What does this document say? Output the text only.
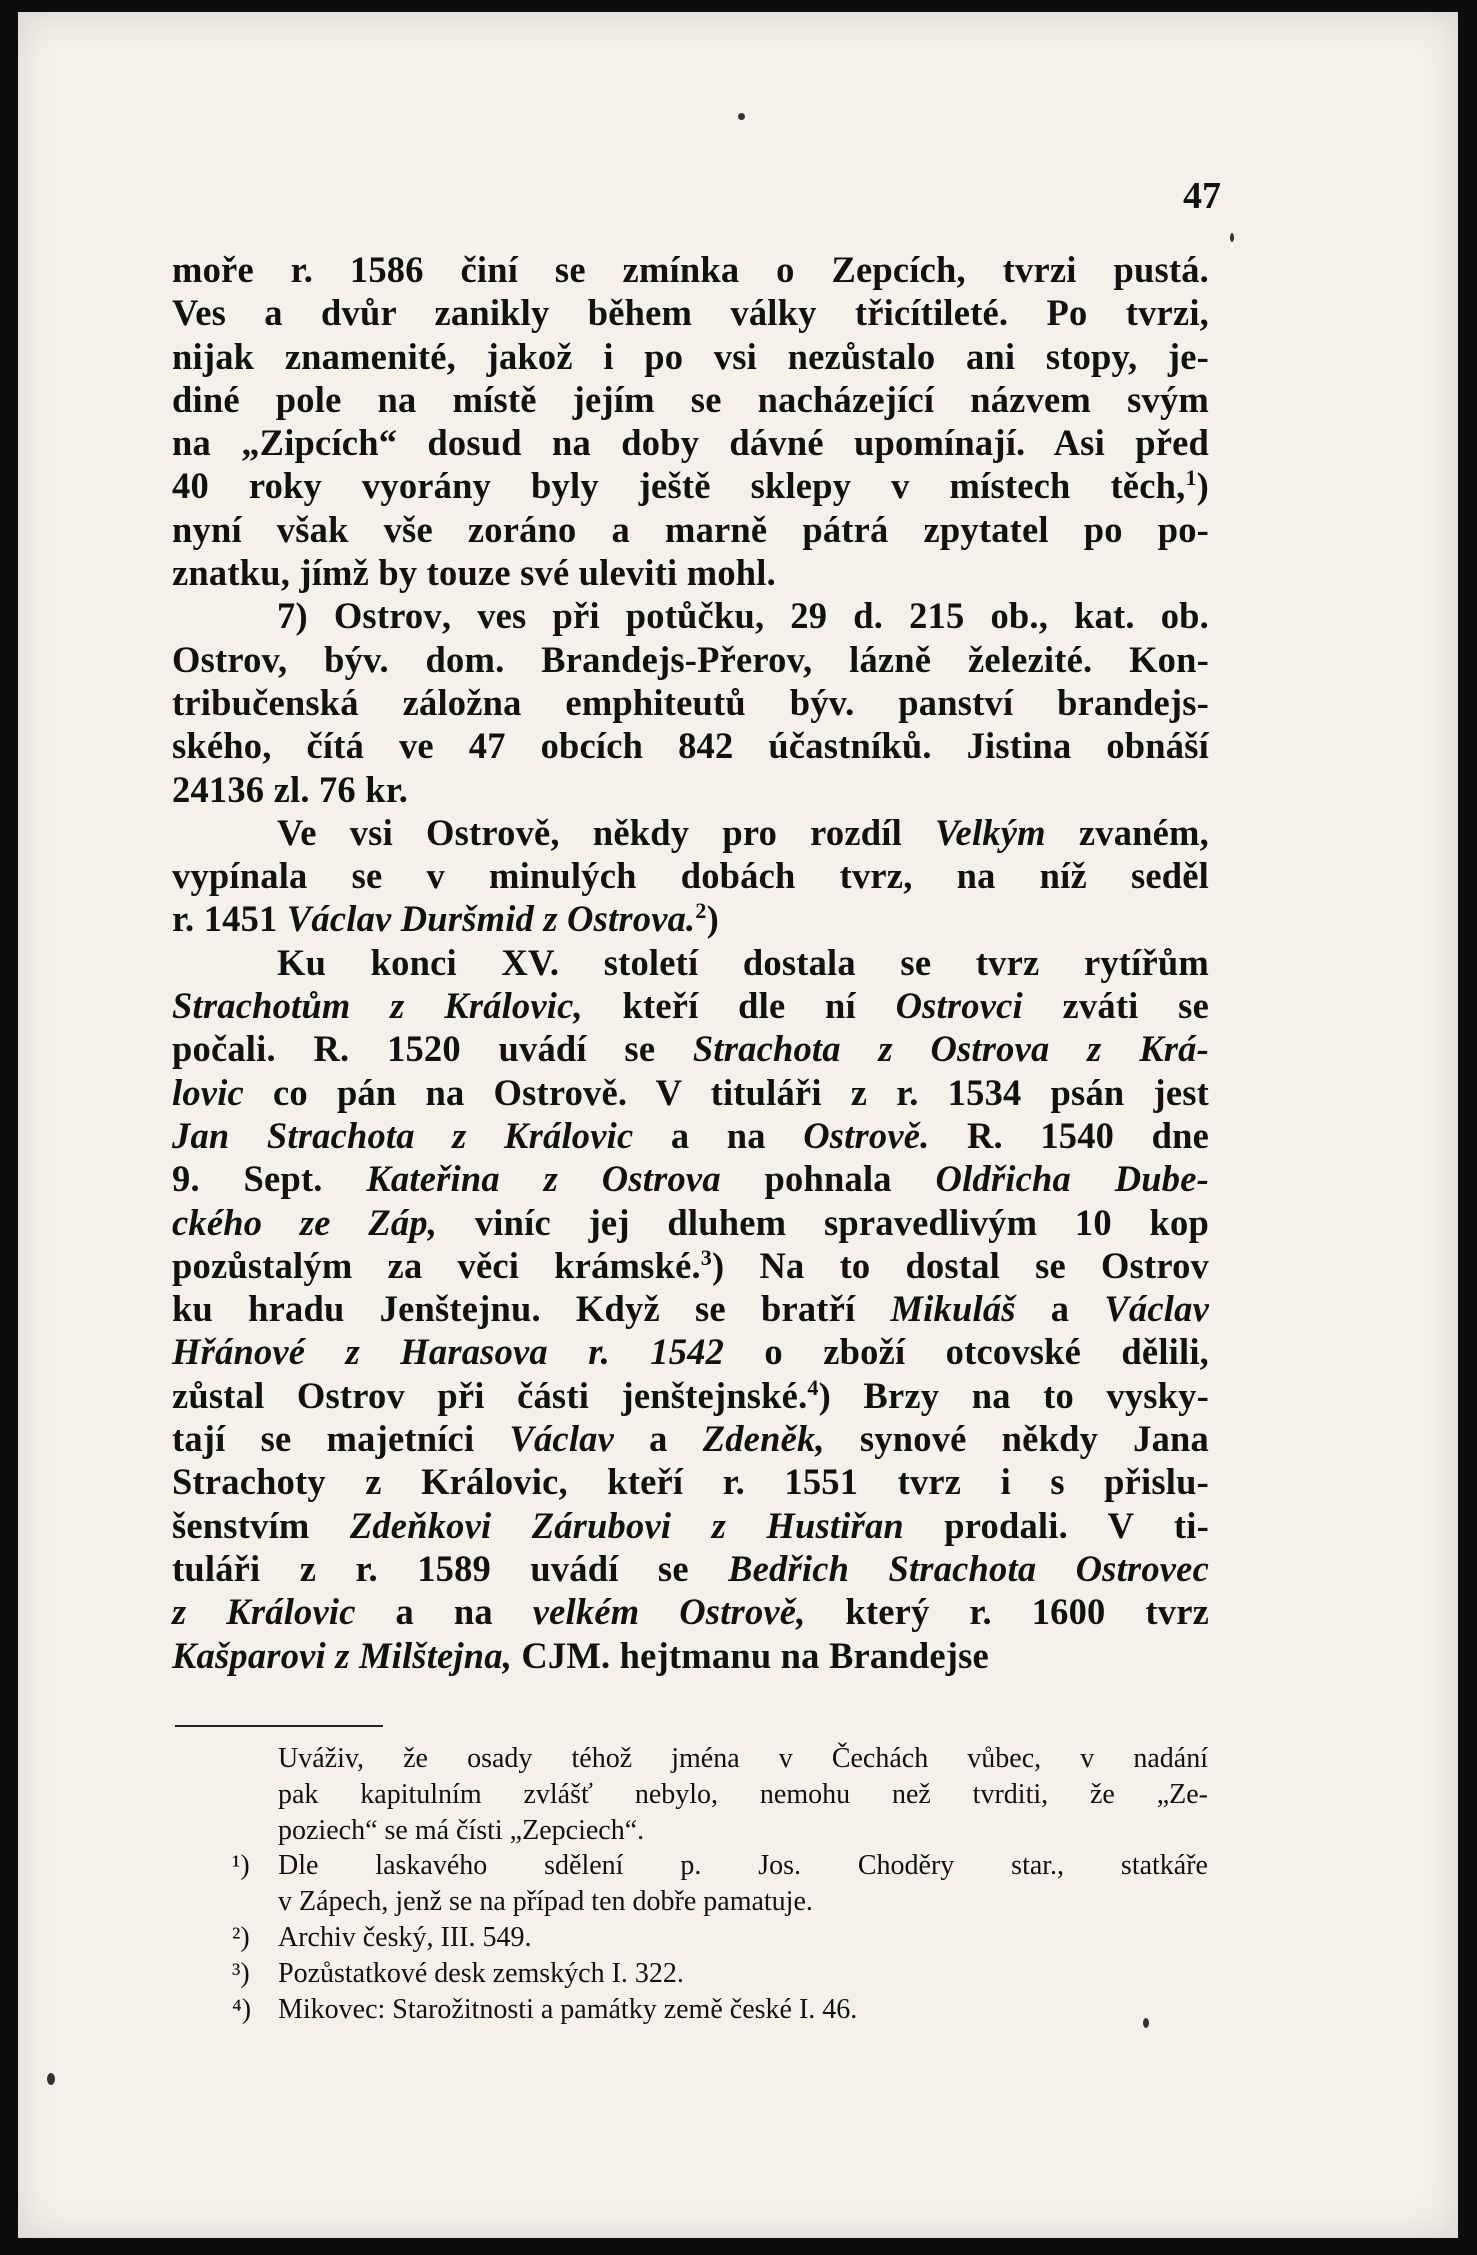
47
moře r. 1586 činí se zmínka o Zepcích, tvrzi pustá.
Ves a dvůr zanikly během války třicítileté. Po tvrzi,
nijak znamenité, jakož i po vsi nezůstalo ani stopy, je-
diné pole na místě jejím se nacházející názvem svým
na „Zipcích“ dosud na doby dávné upomínají. Asi před
40 roky vyorány byly ještě sklepy v místech těch,$^1$)
nyní však vše zoráno a marně pátrá zpytatel po po-
znatku, jímž by touze své uleviti mohl.
7) Ostrov, ves při potůčku, 29 d. 215 ob., kat. ob.
Ostrov, býv. dom. Brandejs-Přerov, lázně železité. Kon-
tribučenská záložna emphiteutů býv. panství brandejs-
ského, čítá ve 47 obcích 842 účastníků. Jistina obnáší
24136 zl. 76 kr.
Ve vsi Ostrově, někdy pro rozdíl Velkým zvaném,
vypínala se v minulých dobách tvrz, na níž seděl
r. 1451 Václav Duršmid z Ostrova.$^2$)
Ku konci XV. století dostala se tvrz rytířům
Strachotům z Královic, kteří dle ní Ostrovci zváti se
počali. R. 1520 uvádí se Strachota z Ostrova z Krá-
lovic co pán na Ostrově. V tituláři z r. 1534 psán jest
Jan Strachota z Královic a na Ostrově. R. 1540 dne
9. Sept. Kateřina z Ostrova pohnala Oldřicha Dube-
ckého ze Záp, viníc jej dluhem spravedlivým 10 kop
pozůstalým za věci krámské.$^3$) Na to dostal se Ostrov
ku hradu Jenštejnu. Když se bratří Mikuláš a Václav
Hřánové z Harasova r. 1542 o zboží otcovské dělili,
zůstal Ostrov při části jenštejnské.$^4$) Brzy na to vysky-
tají se majetníci Václav a Zdeněk, synové někdy Jana
Strachoty z Královic, kteří r. 1551 tvrz i s přislu-
šenstvím Zdeňkovi Zárubovi z Hustiřan prodali. V ti-
tuláři z r. 1589 uvádí se Bedřich Strachota Ostrovec
z Královic a na velkém Ostrově, který r. 1600 tvrz
Kašparovi z Milštejna, CJM. hejtmanu na Brandejse
Uváživ, že osady téhož jména v Čechách vůbec, v nadání
pak kapitulním zvlášť nebylo, nemohu než tvrditi, že „Ze-
poziech“ se má čísti „Zepciech“.
¹) Dle laskavého sdělení p. Jos. Choděry star., statkáře
v Zápech, jenž se na případ ten dobře pamatuje.
²) Archiv český, III. 549.
³) Pozůstatkové desk zemských I. 322.
⁴) Mikovec: Starožitnosti a památky země české I. 46.
